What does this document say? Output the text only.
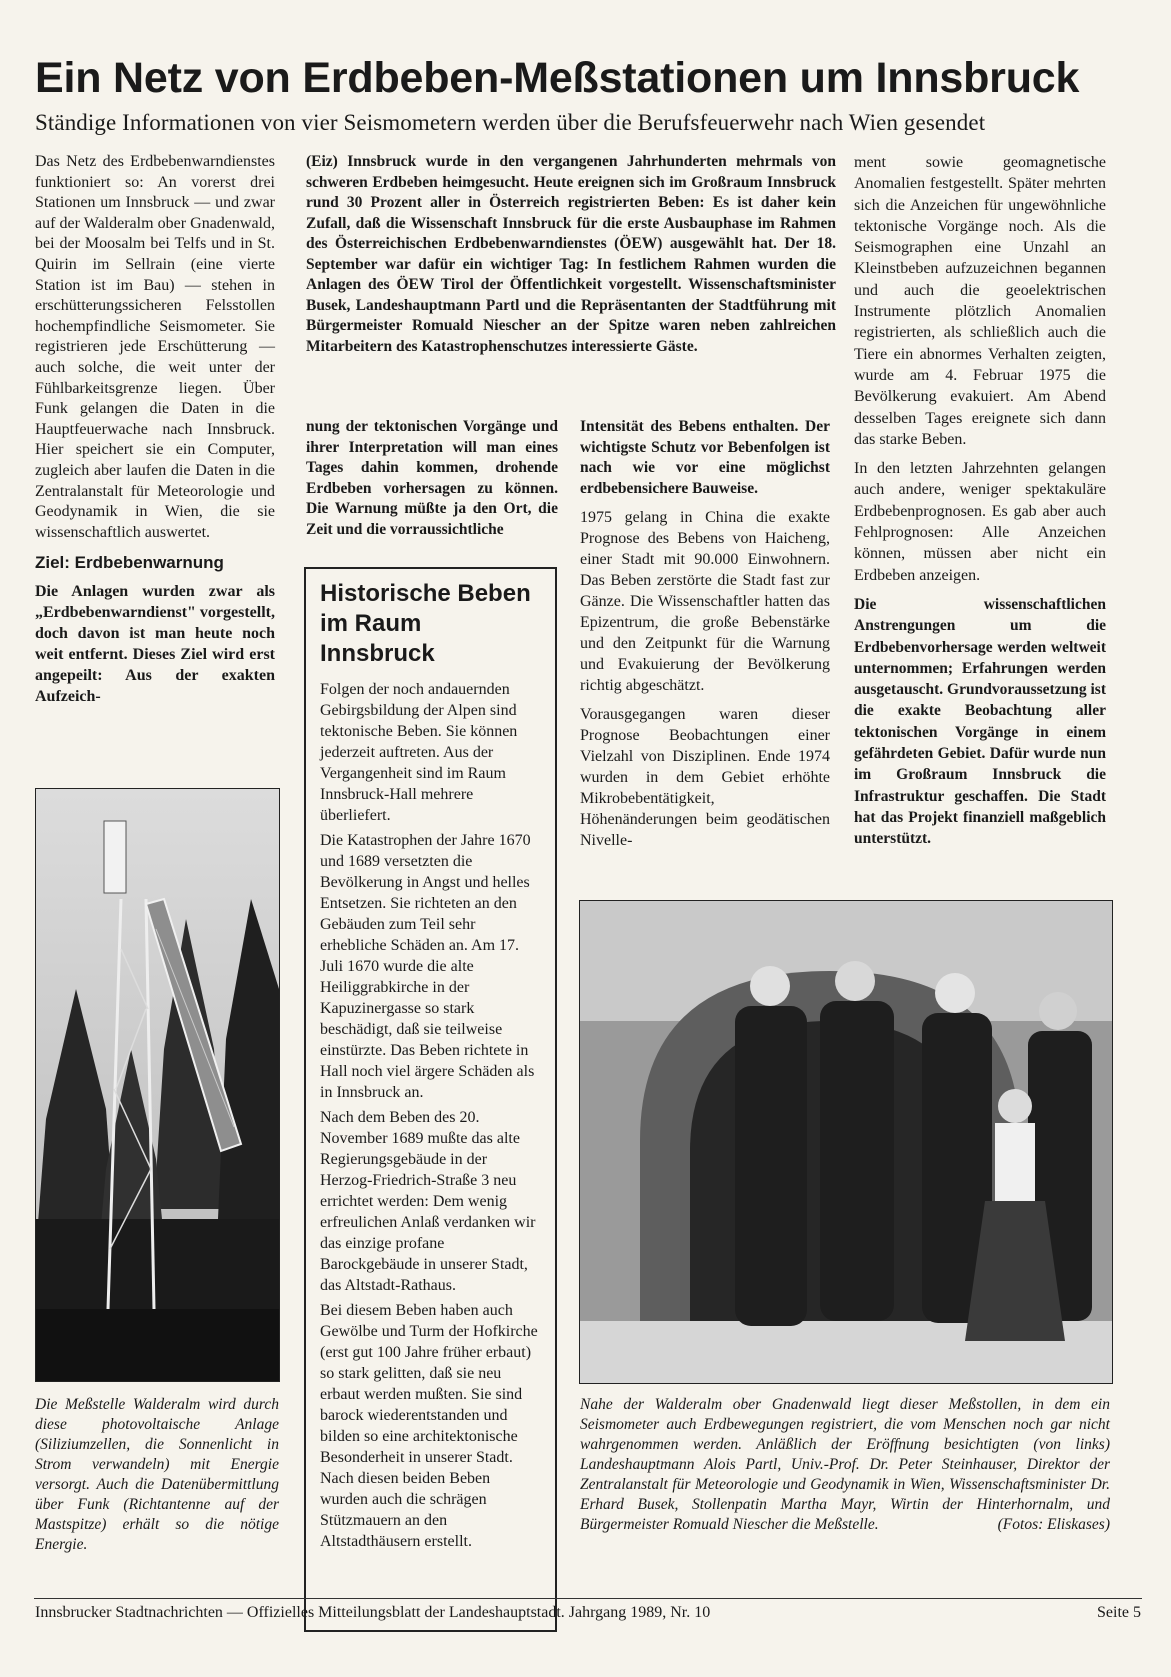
Ein Netz von Erdbeben-Meßstationen um Innsbruck
Ständige Informationen von vier Seismometern werden über die Berufsfeuerwehr nach Wien gesendet

Das Netz des Erdbebenwarndienstes funktioniert so: An vorerst drei Stationen um Innsbruck — und zwar auf der Walderalm ober Gnadenwald, bei der Moosalm bei Telfs und in St. Quirin im Sellrain (eine vierte Station ist im Bau) — stehen in erschütterungssicheren Felsstollen hochempfindliche Seismometer. Sie registrieren jede Erschütterung — auch solche, die weit unter der Fühlbarkeitsgrenze liegen. Über Funk gelangen die Daten in die Hauptfeuerwache nach Innsbruck. Hier speichert sie ein Computer, zugleich aber laufen die Daten in die Zentralanstalt für Meteorologie und Geodynamik in Wien, die sie wissenschaftlich auswertet.

Ziel: Erdbebenwarnung

Die Anlagen wurden zwar als „Erdbebenwarndienst" vorgestellt, doch davon ist man heute noch weit entfernt. Dieses Ziel wird erst angepeilt: Aus der exakten Aufzeich-

(Eiz) Innsbruck wurde in den vergangenen Jahrhunderten mehrmals von schweren Erdbeben heimgesucht. Heute ereignen sich im Großraum Innsbruck rund 30 Prozent aller in Österreich registrierten Beben: Es ist daher kein Zufall, daß die Wissenschaft Innsbruck für die erste Ausbauphase im Rahmen des Österreichischen Erdbebenwarndienstes (ÖEW) ausgewählt hat. Der 18. September war dafür ein wichtiger Tag: In festlichem Rahmen wurden die Anlagen des ÖEW Tirol der Öffentlichkeit vorgestellt. Wissenschaftsminister Busek, Landeshauptmann Partl und die Repräsentanten der Stadtführung mit Bürgermeister Romuald Niescher an der Spitze waren neben zahlreichen Mitarbeitern des Katastrophenschutzes interessierte Gäste.
nung der tektonischen Vorgänge und ihrer Interpretation will man eines Tages dahin kommen, drohende Erdbeben vorhersagen zu können. Die Warnung müßte ja den Ort, die Zeit und die vorraussichtliche
Historische Beben im Raum Innsbruck

Folgen der noch andauernden Gebirgsbildung der Alpen sind tektonische Beben. Sie können jederzeit auftreten. Aus der Vergangenheit sind im Raum Innsbruck-Hall mehrere überliefert.

Die Katastrophen der Jahre 1670 und 1689 versetzten die Bevölkerung in Angst und helles Entsetzen. Sie richteten an den Gebäuden zum Teil sehr erhebliche Schäden an. Am 17. Juli 1670 wurde die alte Heiliggrabkirche in der Kapuzinergasse so stark beschädigt, daß sie teilweise einstürzte. Das Beben richtete in Hall noch viel ärgere Schäden als in Innsbruck an.

Nach dem Beben des 20. November 1689 mußte das alte Regierungsgebäude in der Herzog-Friedrich-Straße 3 neu errichtet werden: Dem wenig erfreulichen Anlaß verdanken wir das einzige profane Barockgebäude in unserer Stadt, das Altstadt-Rathaus.

Bei diesem Beben haben auch Gewölbe und Turm der Hofkirche (erst gut 100 Jahre früher erbaut) so stark gelitten, daß sie neu erbaut werden mußten. Sie sind barock wiederentstanden und bilden so eine architektonische Besonderheit in unserer Stadt. Nach diesen beiden Beben wurden auch die schrägen Stützmauern an den Altstadthäusern erstellt.

Intensität des Bebens enthalten. Der wichtigste Schutz vor Bebenfolgen ist nach wie vor eine möglichst erdbebensichere Bauweise.

1975 gelang in China die exakte Prognose des Bebens von Haicheng, einer Stadt mit 90.000 Einwohnern. Das Beben zerstörte die Stadt fast zur Gänze. Die Wissenschaftler hatten das Epizentrum, die große Bebenstärke und den Zeitpunkt für die Warnung und Evakuierung der Bevölkerung richtig abgeschätzt.

Vorausgegangen waren dieser Prognose Beobachtungen einer Vielzahl von Disziplinen. Ende 1974 wurden in dem Gebiet erhöhte Mikrobebentätigkeit, Höhenänderungen beim geodätischen Nivelle-

ment sowie geomagnetische Anomalien festgestellt. Später mehrten sich die Anzeichen für ungewöhnliche tektonische Vorgänge noch. Als die Seismographen eine Unzahl an Kleinstbeben aufzuzeichnen begannen und auch die geoelektrischen Instrumente plötzlich Anomalien registrierten, als schließlich auch die Tiere ein abnormes Verhalten zeigten, wurde am 4. Februar 1975 die Bevölkerung evakuiert. Am Abend desselben Tages ereignete sich dann das starke Beben.

In den letzten Jahrzehnten gelangen auch andere, weniger spektakuläre Erdbebenprognosen. Es gab aber auch Fehlprognosen: Alle Anzeichen können, müssen aber nicht ein Erdbeben anzeigen.

Die wissenschaftlichen Anstrengungen um die Erdbebenvorhersage werden weltweit unternommen; Erfahrungen werden ausgetauscht. Grundvoraussetzung ist die exakte Beobachtung aller tektonischen Vorgänge in einem gefährdeten Gebiet. Dafür wurde nun im Großraum Innsbruck die Infrastruktur geschaffen. Die Stadt hat das Projekt finanziell maßgeblich unterstützt.

Die Meßstelle Walderalm wird durch diese photovoltaische Anlage (Siliziumzellen, die Sonnenlicht in Strom verwandeln) mit Energie versorgt. Auch die Datenübermittlung über Funk (Richtantenne auf der Mastspitze) erhält so die nötige Energie.
Nahe der Walderalm ober Gnadenwald liegt dieser Meßstollen, in dem ein Seismometer auch Erdbewegungen registriert, die vom Menschen noch gar nicht wahrgenommen werden. Anläßlich der Eröffnung besichtigten (von links) Landeshauptmann Alois Partl, Univ.-Prof. Dr. Peter Steinhauser, Direktor der Zentralanstalt für Meteorologie und Geodynamik in Wien, Wissenschaftsminister Dr. Erhard Busek, Stollenpatin Martha Mayr, Wirtin der Hinterhornalm, und Bürgermeister Romuald Niescher die Meßstelle.	(Fotos: Eliskases)
Innsbrucker Stadtnachrichten — Offizielles Mitteilungsblatt der Landeshauptstadt. Jahrgang 1989, Nr. 10	Seite 5
